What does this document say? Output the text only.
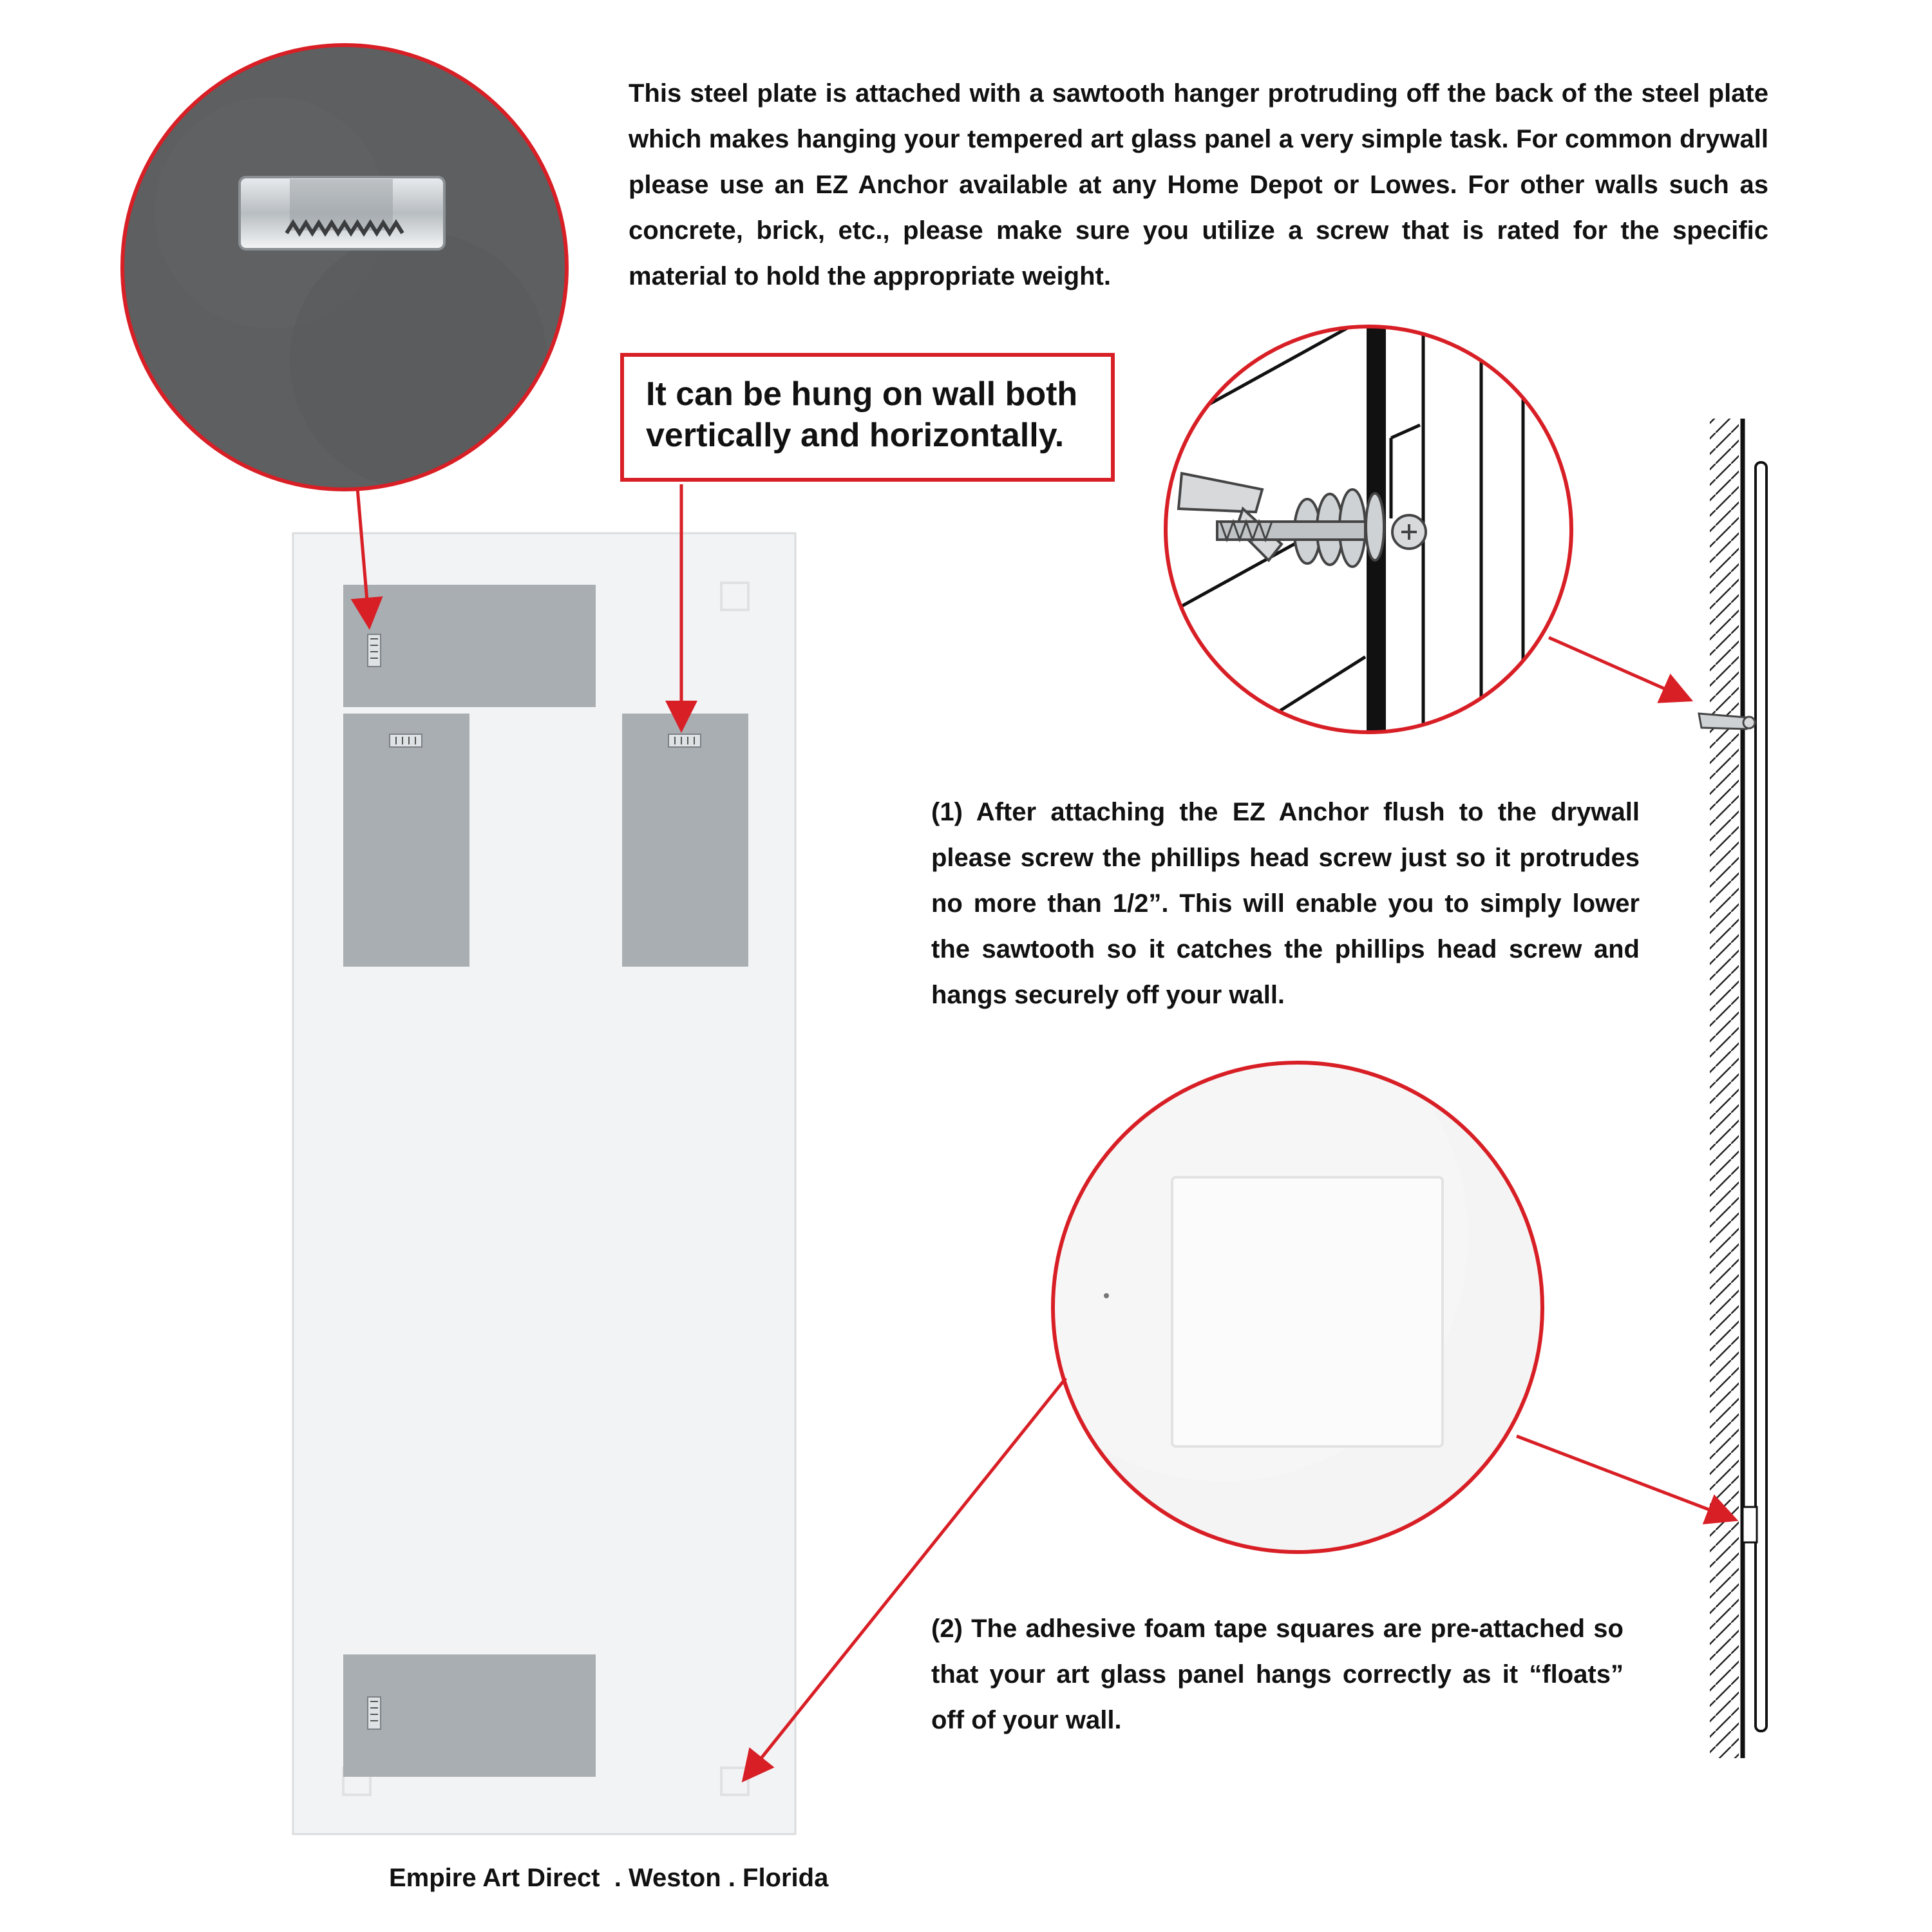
This steel plate is attached with a sawtooth hanger protruding off the back of the steel plate which makes hanging your tempered art glass panel a very simple task. For common drywall please use an EZ Anchor available at any Home Depot or Lowes. For other walls such as concrete, brick, etc., please make sure you utilize a screw that is rated for the specific material to hold the appropriate weight.
It can be hung on wall both vertically and horizontally.
(1) After attaching the EZ Anchor flush to the drywall please screw the phillips head screw just so it protrudes no more than 1/2”. This will enable you to simply lower the sawtooth so it catches the phillips head screw and hangs securely off your wall.
(2) The adhesive foam tape squares are pre-attached so that your art glass panel hangs correctly as it “floats” off of your wall.
Empire Art Direct  . Weston . Florida
